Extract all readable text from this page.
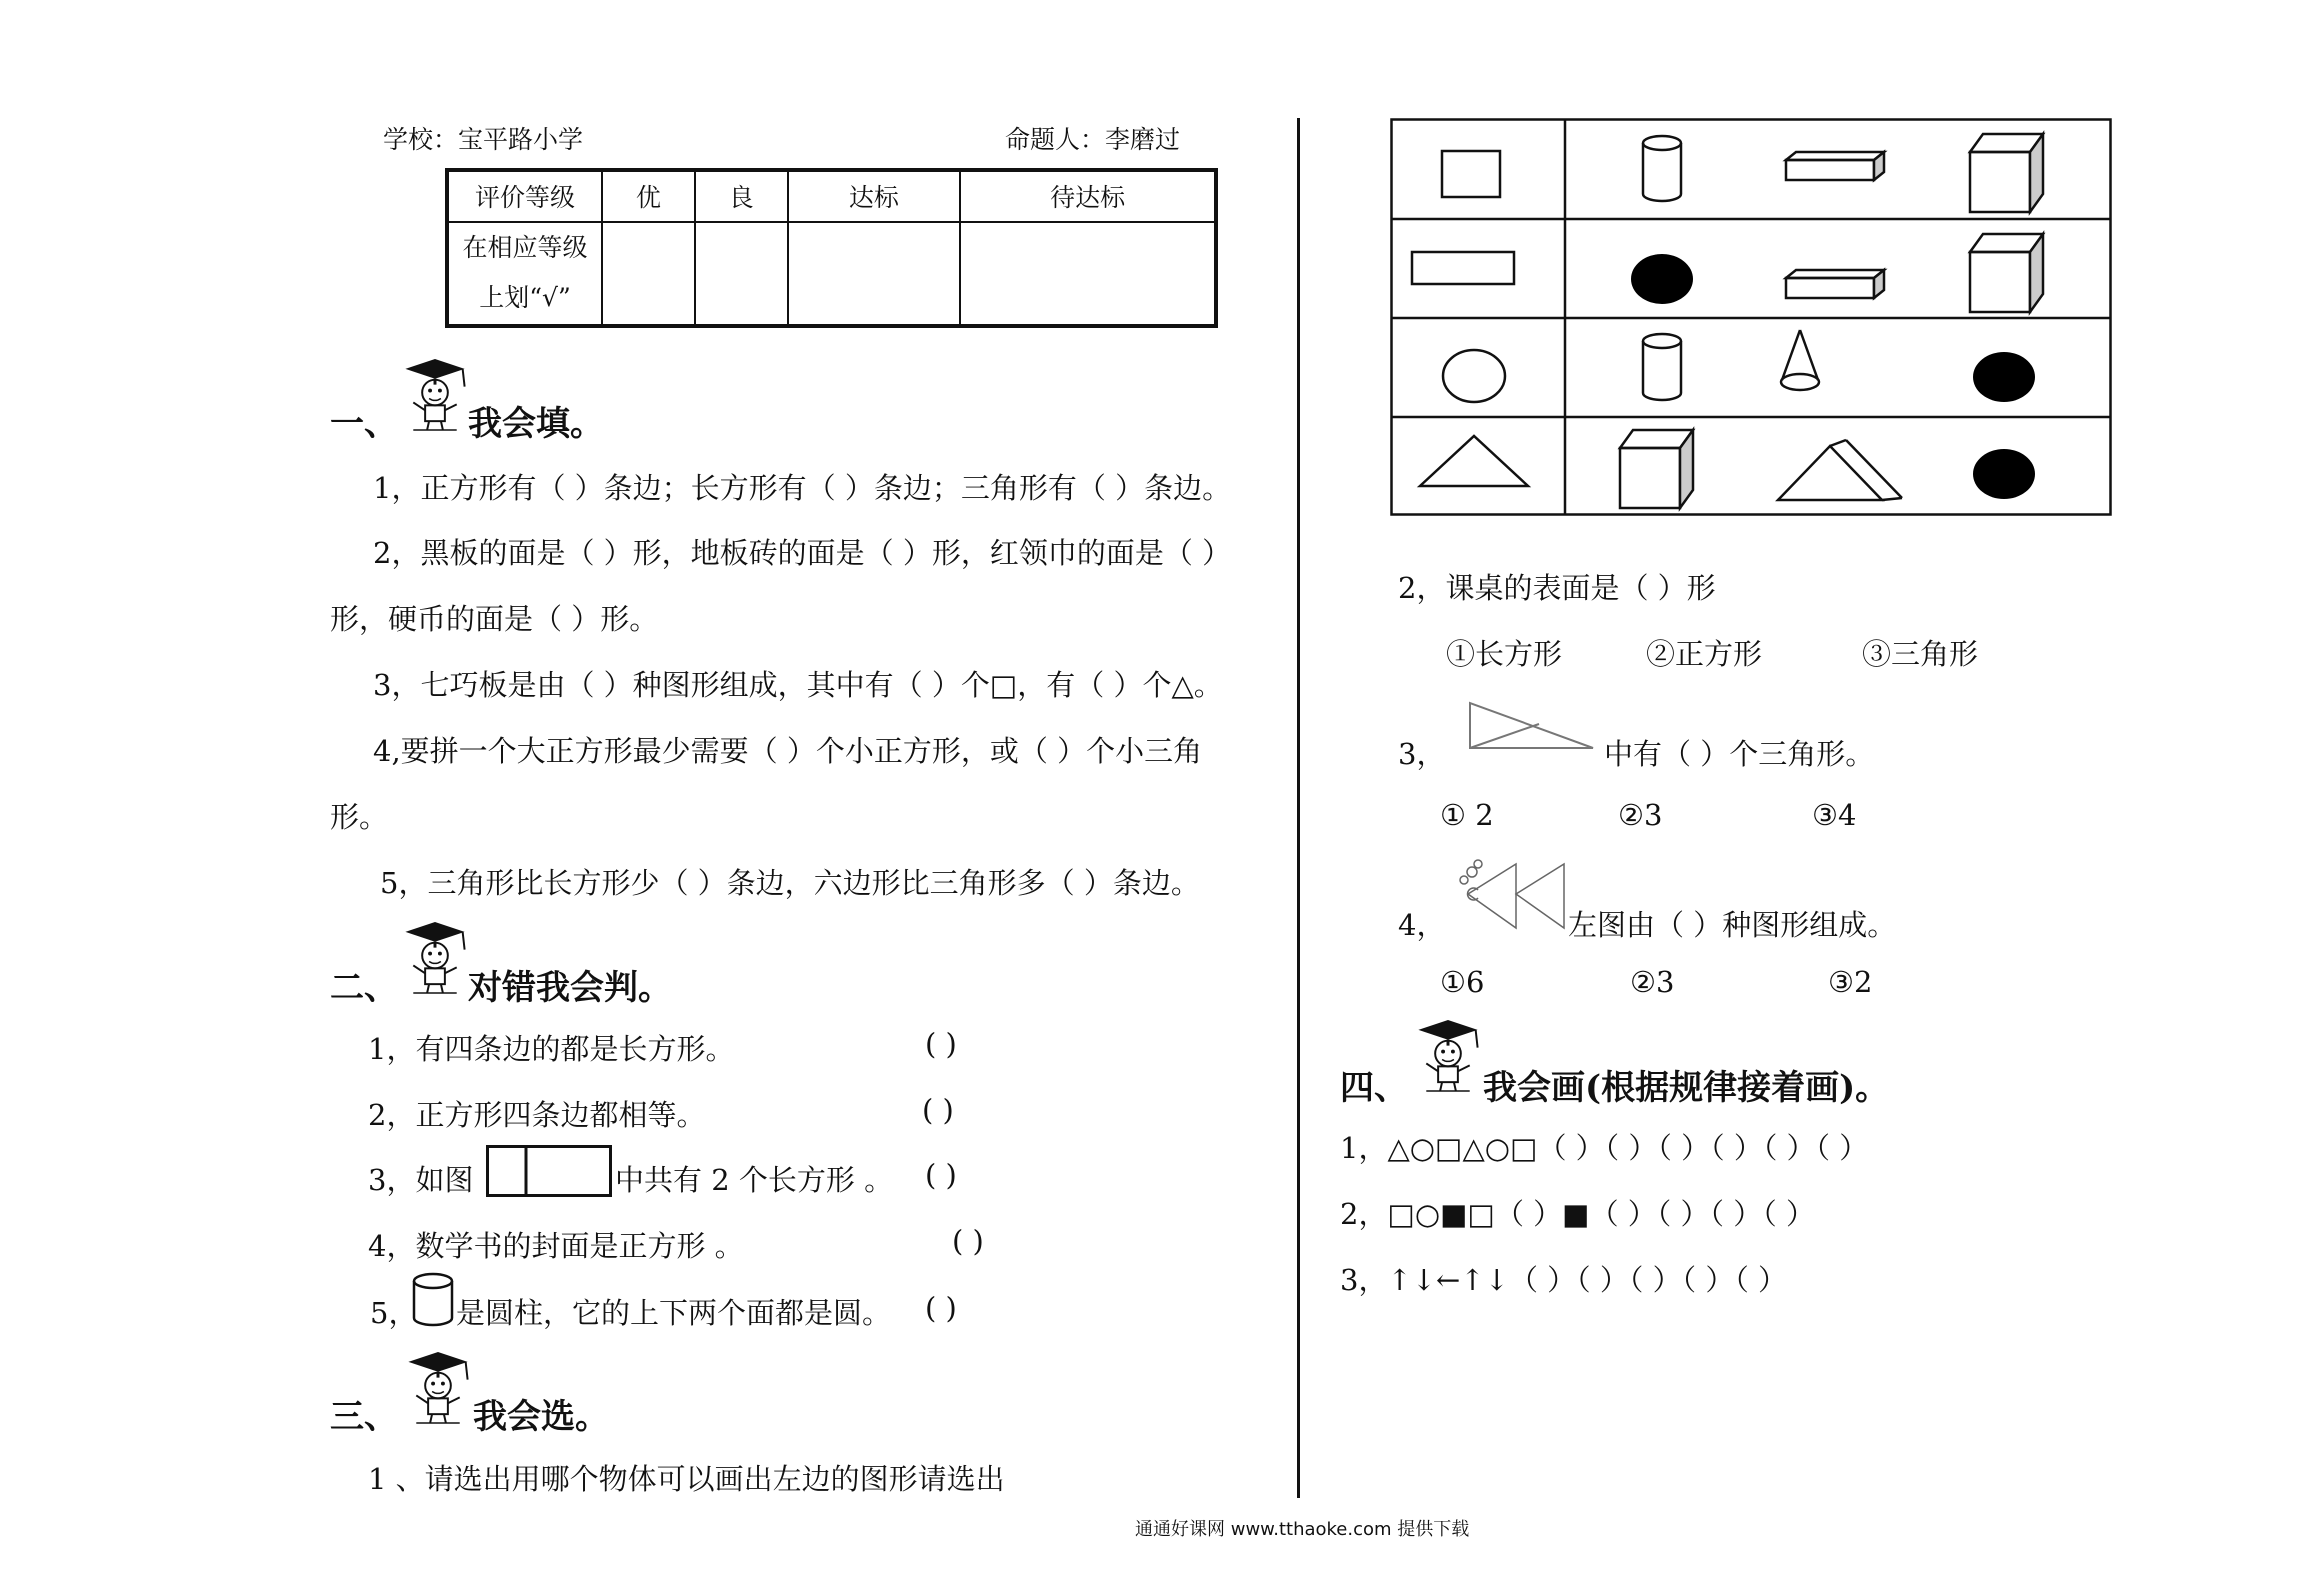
学校：宝平路小学	命题人：李磨过
评价等级	优	良	达标	待达标

在相应等级
上划“√”				

一、 我会填。
1，正方形有（ ）条边；长方形有（ ）条边；三角形有（ ）条边。
2，黑板的面是（ ）形，地板砖的面是（ ）形，红领巾的面是（ ）
形，硬币的面是（ ）形。
3，七巧板是由（ ）种图形组成，其中有（ ）个□，有（ ）个△。
4,要拼一个大正方形最少需要（ ）个小正方形，或（ ）个小三角
形。
5，三角形比长方形少（ ）条边，六边形比三角形多（ ）条边。
二、 对错我会判。
1，有四条边的都是长方形。	( )
2，正方形四条边都相等。	( )
3，如图	中共有 2 个长方形 。 ( )
4，数学书的封面是正方形 。	( )
5， 是圆柱，它的上下两个面都是圆。 ( )
三、 我会选。
1 、请选出用哪个物体可以画出左边的图形请选出
2，课桌的表面是（ ）形
①长方形	②正方形	③三角形
3，	中有（ ）个三角形。
① 2	②3	③4
4，	左图由（ ）种图形组成。
①6	②3	③2
四、 我会画(根据规律接着画)。
1，△○□△○□（ ）（ ）（ ）（ ）（ ）（ ）
2，□○■□（ ）■（ ）（ ）（ ）（ ）
3，↑↓←↑↓（ ）（ ）（ ）（ ）（ ）
通通好课网 www.tthaoke.com 提供下载
